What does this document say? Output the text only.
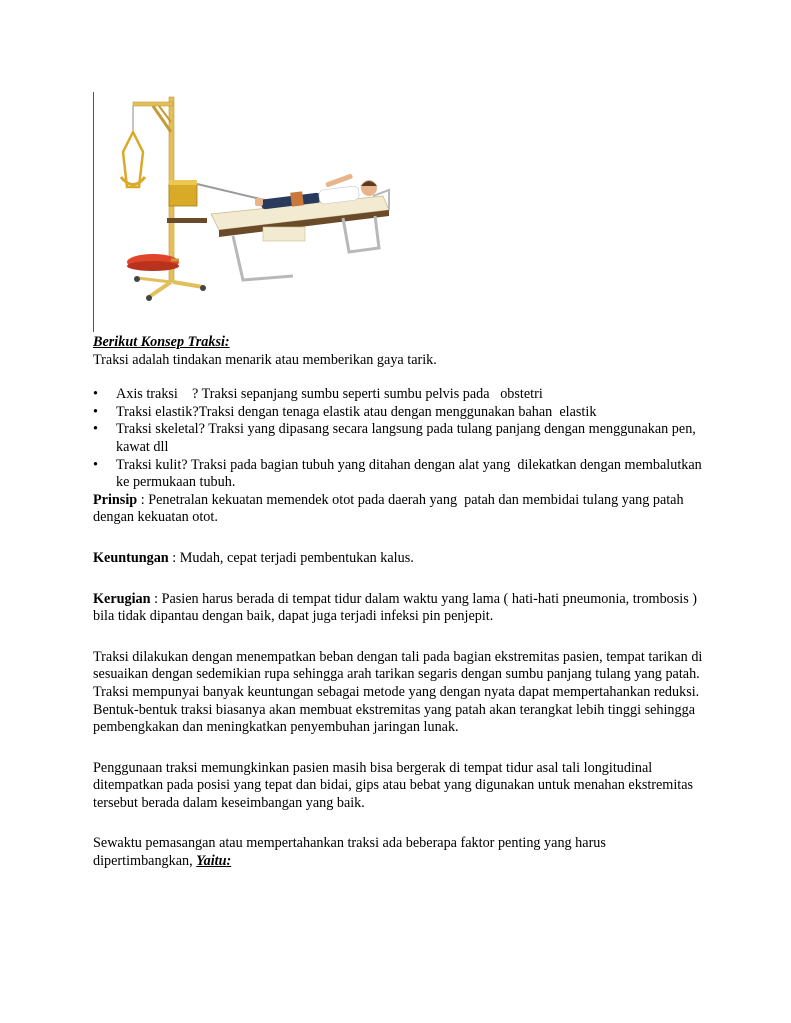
Berikut Konsep Traksi:

Traksi adalah tindakan menarik atau memberikan gaya tarik.

• Axis traksi    ? Traksi sepanjang sumbu seperti sumbu pelvis pada   obstetri
• Traksi elastik?Traksi dengan tenaga elastik atau dengan menggunakan bahan  elastik
• Traksi skeletal? Traksi yang dipasang secara langsung pada tulang panjang dengan menggunakan pen, kawat dll
• Traksi kulit? Traksi pada bagian tubuh yang ditahan dengan alat yang  dilekatkan dengan membalutkan ke permukaan tubuh.

Prinsip : Penetralan kekuatan memendek otot pada daerah yang  patah dan membidai tulang yang patah dengan kekuatan otot.

Keuntungan : Mudah, cepat terjadi pembentukan kalus.

Kerugian : Pasien harus berada di tempat tidur dalam waktu yang lama ( hati-hati pneumonia, trombosis ) bila tidak dipantau dengan baik, dapat juga terjadi infeksi pin penjepit.

Traksi dilakukan dengan menempatkan beban dengan tali pada bagian ekstremitas pasien, tempat tarikan di sesuaikan dengan sedemikian rupa sehingga arah tarikan segaris dengan sumbu panjang tulang yang patah. Traksi mempunyai banyak keuntungan sebagai metode yang dengan nyata dapat mempertahankan reduksi. Bentuk-bentuk traksi biasanya akan membuat ekstremitas yang patah akan terangkat lebih tinggi sehingga pembengkakan dan meningkatkan penyembuhan jaringan lunak.

Penggunaan traksi memungkinkan pasien masih bisa bergerak di tempat tidur asal tali longitudinal ditempatkan pada posisi yang tepat dan bidai, gips atau bebat yang digunakan untuk menahan ekstremitas tersebut berada dalam keseimbangan yang baik.

Sewaktu pemasangan atau mempertahankan traksi ada beberapa faktor penting yang harus dipertimbangkan, Yaitu:
